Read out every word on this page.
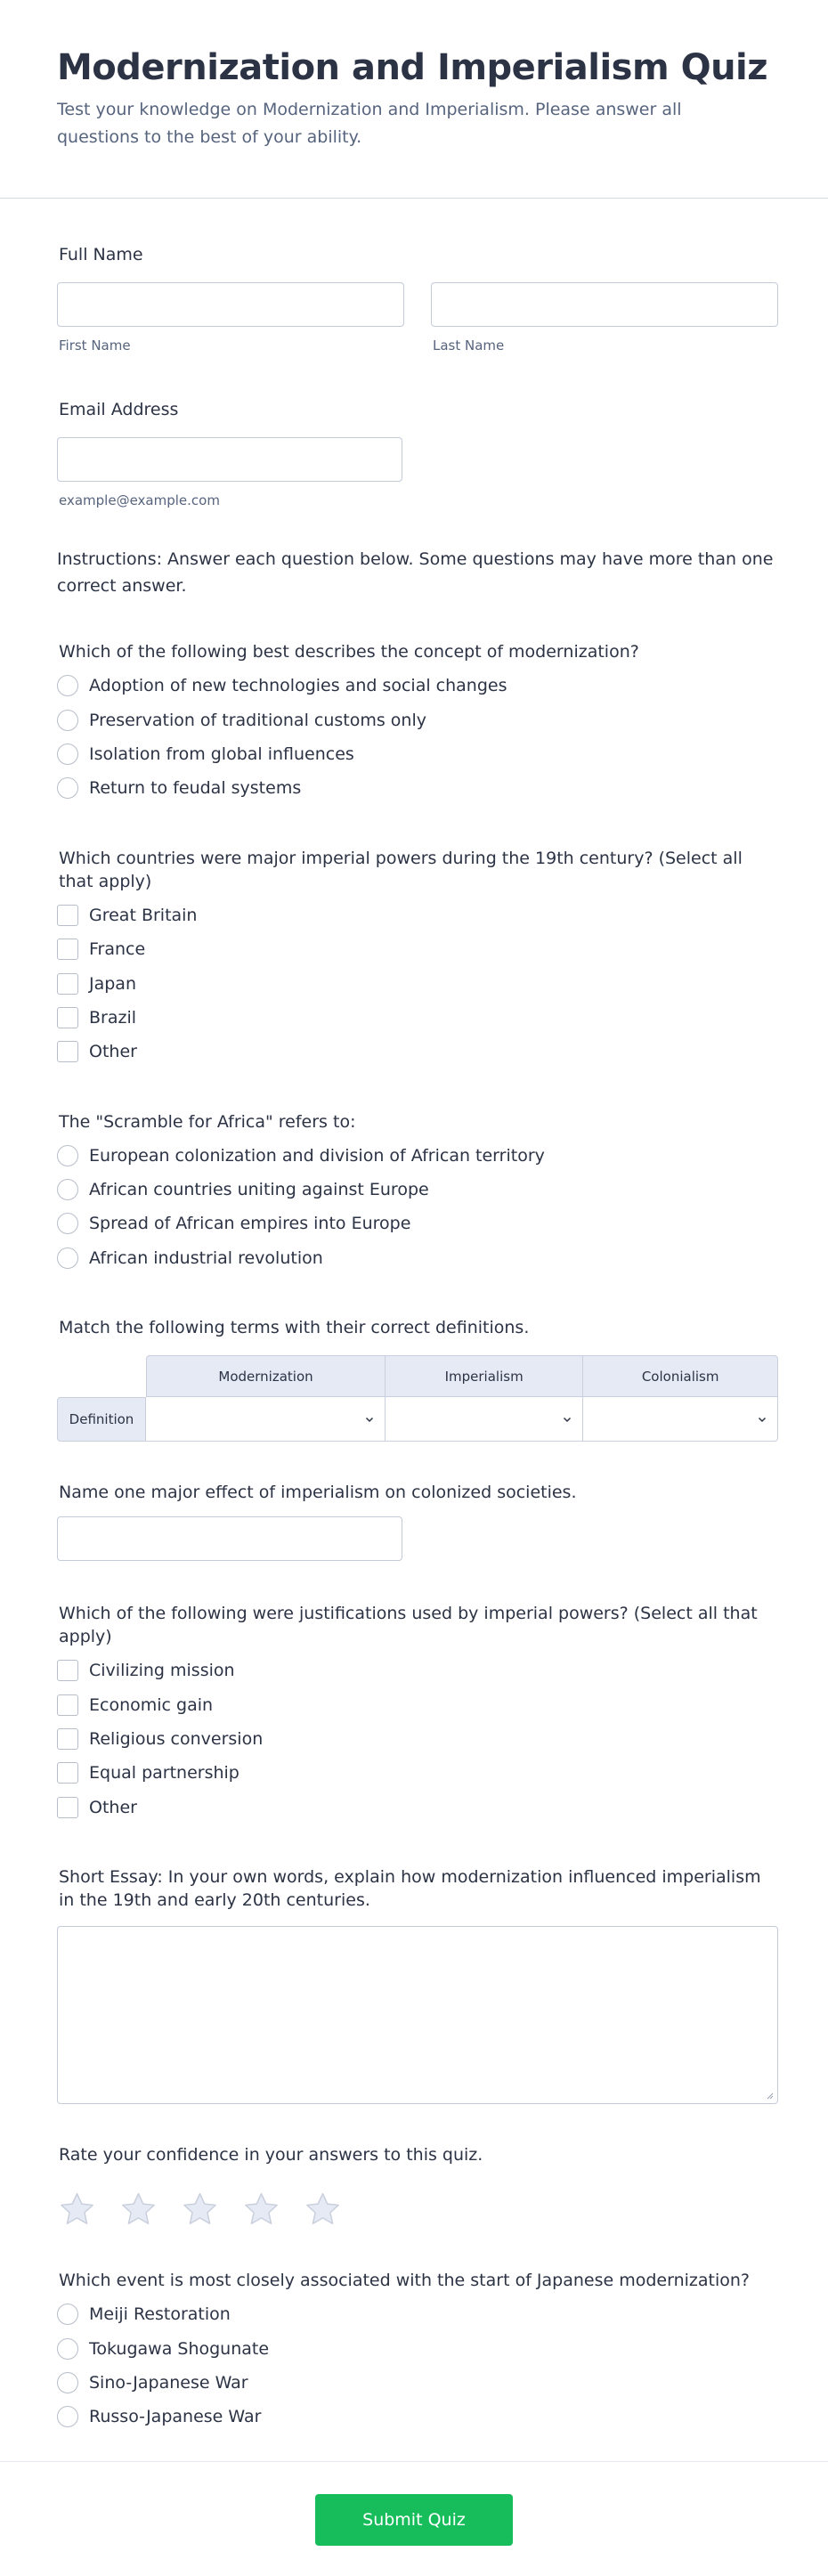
Modernization and Imperialism Quiz
Test your knowledge on Modernization and Imperialism. Please answer all questions to the best of your ability.
Full Name
First Name	Last Name
Email Address
example@example.com
Instructions: Answer each question below. Some questions may have more than one correct answer.
Which of the following best describes the concept of modernization?
Adoption of new technologies and social changes
Preservation of traditional customs only
Isolation from global influences
Return to feudal systems
Which countries were major imperial powers during the 19th century? (Select all that apply)
Great Britain
France
Japan
Brazil
Other
The "Scramble for Africa" refers to:
European colonization and division of African territory
African countries uniting against Europe
Spread of African empires into Europe
African industrial revolution
Match the following terms with their correct definitions.
	Modernization	Imperialism	Colonialism
Definition	

Name one major effect of imperialism on colonized societies.
Which of the following were justifications used by imperial powers? (Select all that apply)
Civilizing mission
Economic gain
Religious conversion
Equal partnership
Other
Short Essay: In your own words, explain how modernization influenced imperialism in the 19th and early 20th centuries.
Rate your confidence in your answers to this quiz.
Which event is most closely associated with the start of Japanese modernization?
Meiji Restoration
Tokugawa Shogunate
Sino-Japanese War
Russo-Japanese War
Submit Quiz
